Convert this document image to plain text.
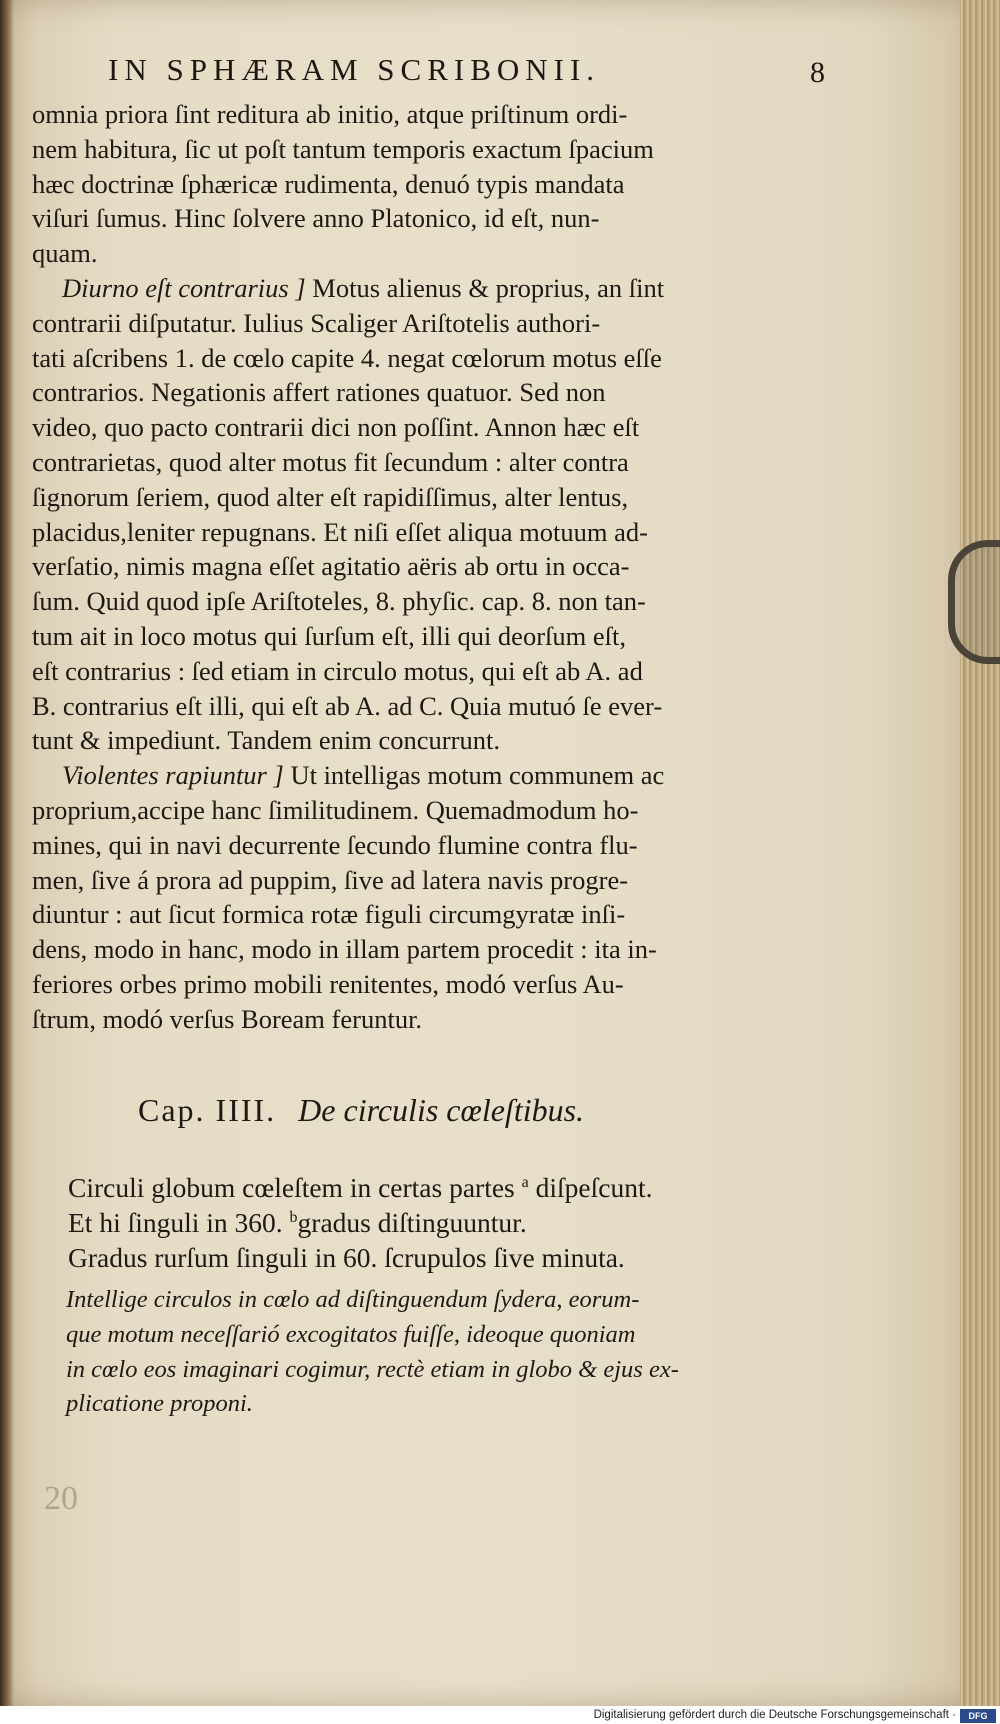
IN SPHÆRAM SCRIBONII.	8
omnia priora ſint reditura ab initio, atque priſtinum ordi-
nem habitura, ſic ut poſt tantum temporis exactum ſpacium
hæc doctrinæ ſphæricæ rudimenta, denuó typis mandata
viſuri ſumus. Hinc ſolvere anno Platonico, id eſt, nun-
quam.
Diurno eſt contrarius ] Motus alienus & proprius, an ſint
contrarii diſputatur. Iulius Scaliger Ariſtotelis authori-
tati aſcribens 1. de cœlo capite 4. negat cœlorum motus eſſe
contrarios. Negationis affert rationes quatuor. Sed non
video, quo pacto contrarii dici non poſſint. Annon hæc eſt
contrarietas, quod alter motus fit ſecundum : alter contra
ſignorum ſeriem, quod alter eſt rapidiſſimus, alter lentus,
placidus,leniter repugnans. Et niſi eſſet aliqua motuum ad-
verſatio, nimis magna eſſet agitatio aëris ab ortu in occa-
ſum. Quid quod ipſe Ariſtoteles, 8. phyſic. cap. 8. non tan-
tum ait in loco motus qui ſurſum eſt, illi qui deorſum eſt,
eſt contrarius : ſed etiam in circulo motus, qui eſt ab A. ad
B. contrarius eſt illi, qui eſt ab A. ad C. Quia mutuó ſe ever-
tunt & impediunt. Tandem enim concurrunt.
Violentes rapiuntur ] Ut intelligas motum communem ac
proprium,accipe hanc ſimilitudinem. Quemadmodum ho-
mines, qui in navi decurrente ſecundo flumine contra flu-
men, ſive á prora ad puppim, ſive ad latera navis progre-
diuntur : aut ſicut formica rotæ figuli circumgyratæ inſi-
dens, modo in hanc, modo in illam partem procedit : ita in-
feriores orbes primo mobili renitentes, modó verſus Au-
ſtrum, modó verſus Boream feruntur.
Cap. IIII. De circulis cœleſtibus.
Circuli globum cœleſtem in certas partes $^a$ diſpeſcunt.
Et hi ſinguli in 360. $^b$gradus diſtinguuntur.
Gradus rurſum ſinguli in 60. ſcrupulos ſive minuta.
Intellige circulos in cœlo ad diſtinguendum ſydera, eorum-
que motum neceſſarió excogitatos fuiſſe, ideoque quoniam
in cœlo eos imaginari cogimur, rectè etiam in globo & ejus ex-
plicatione proponi.
20
Digitalisierung gefördert durch die Deutsche Forschungsgemeinschaft ·	DFG
